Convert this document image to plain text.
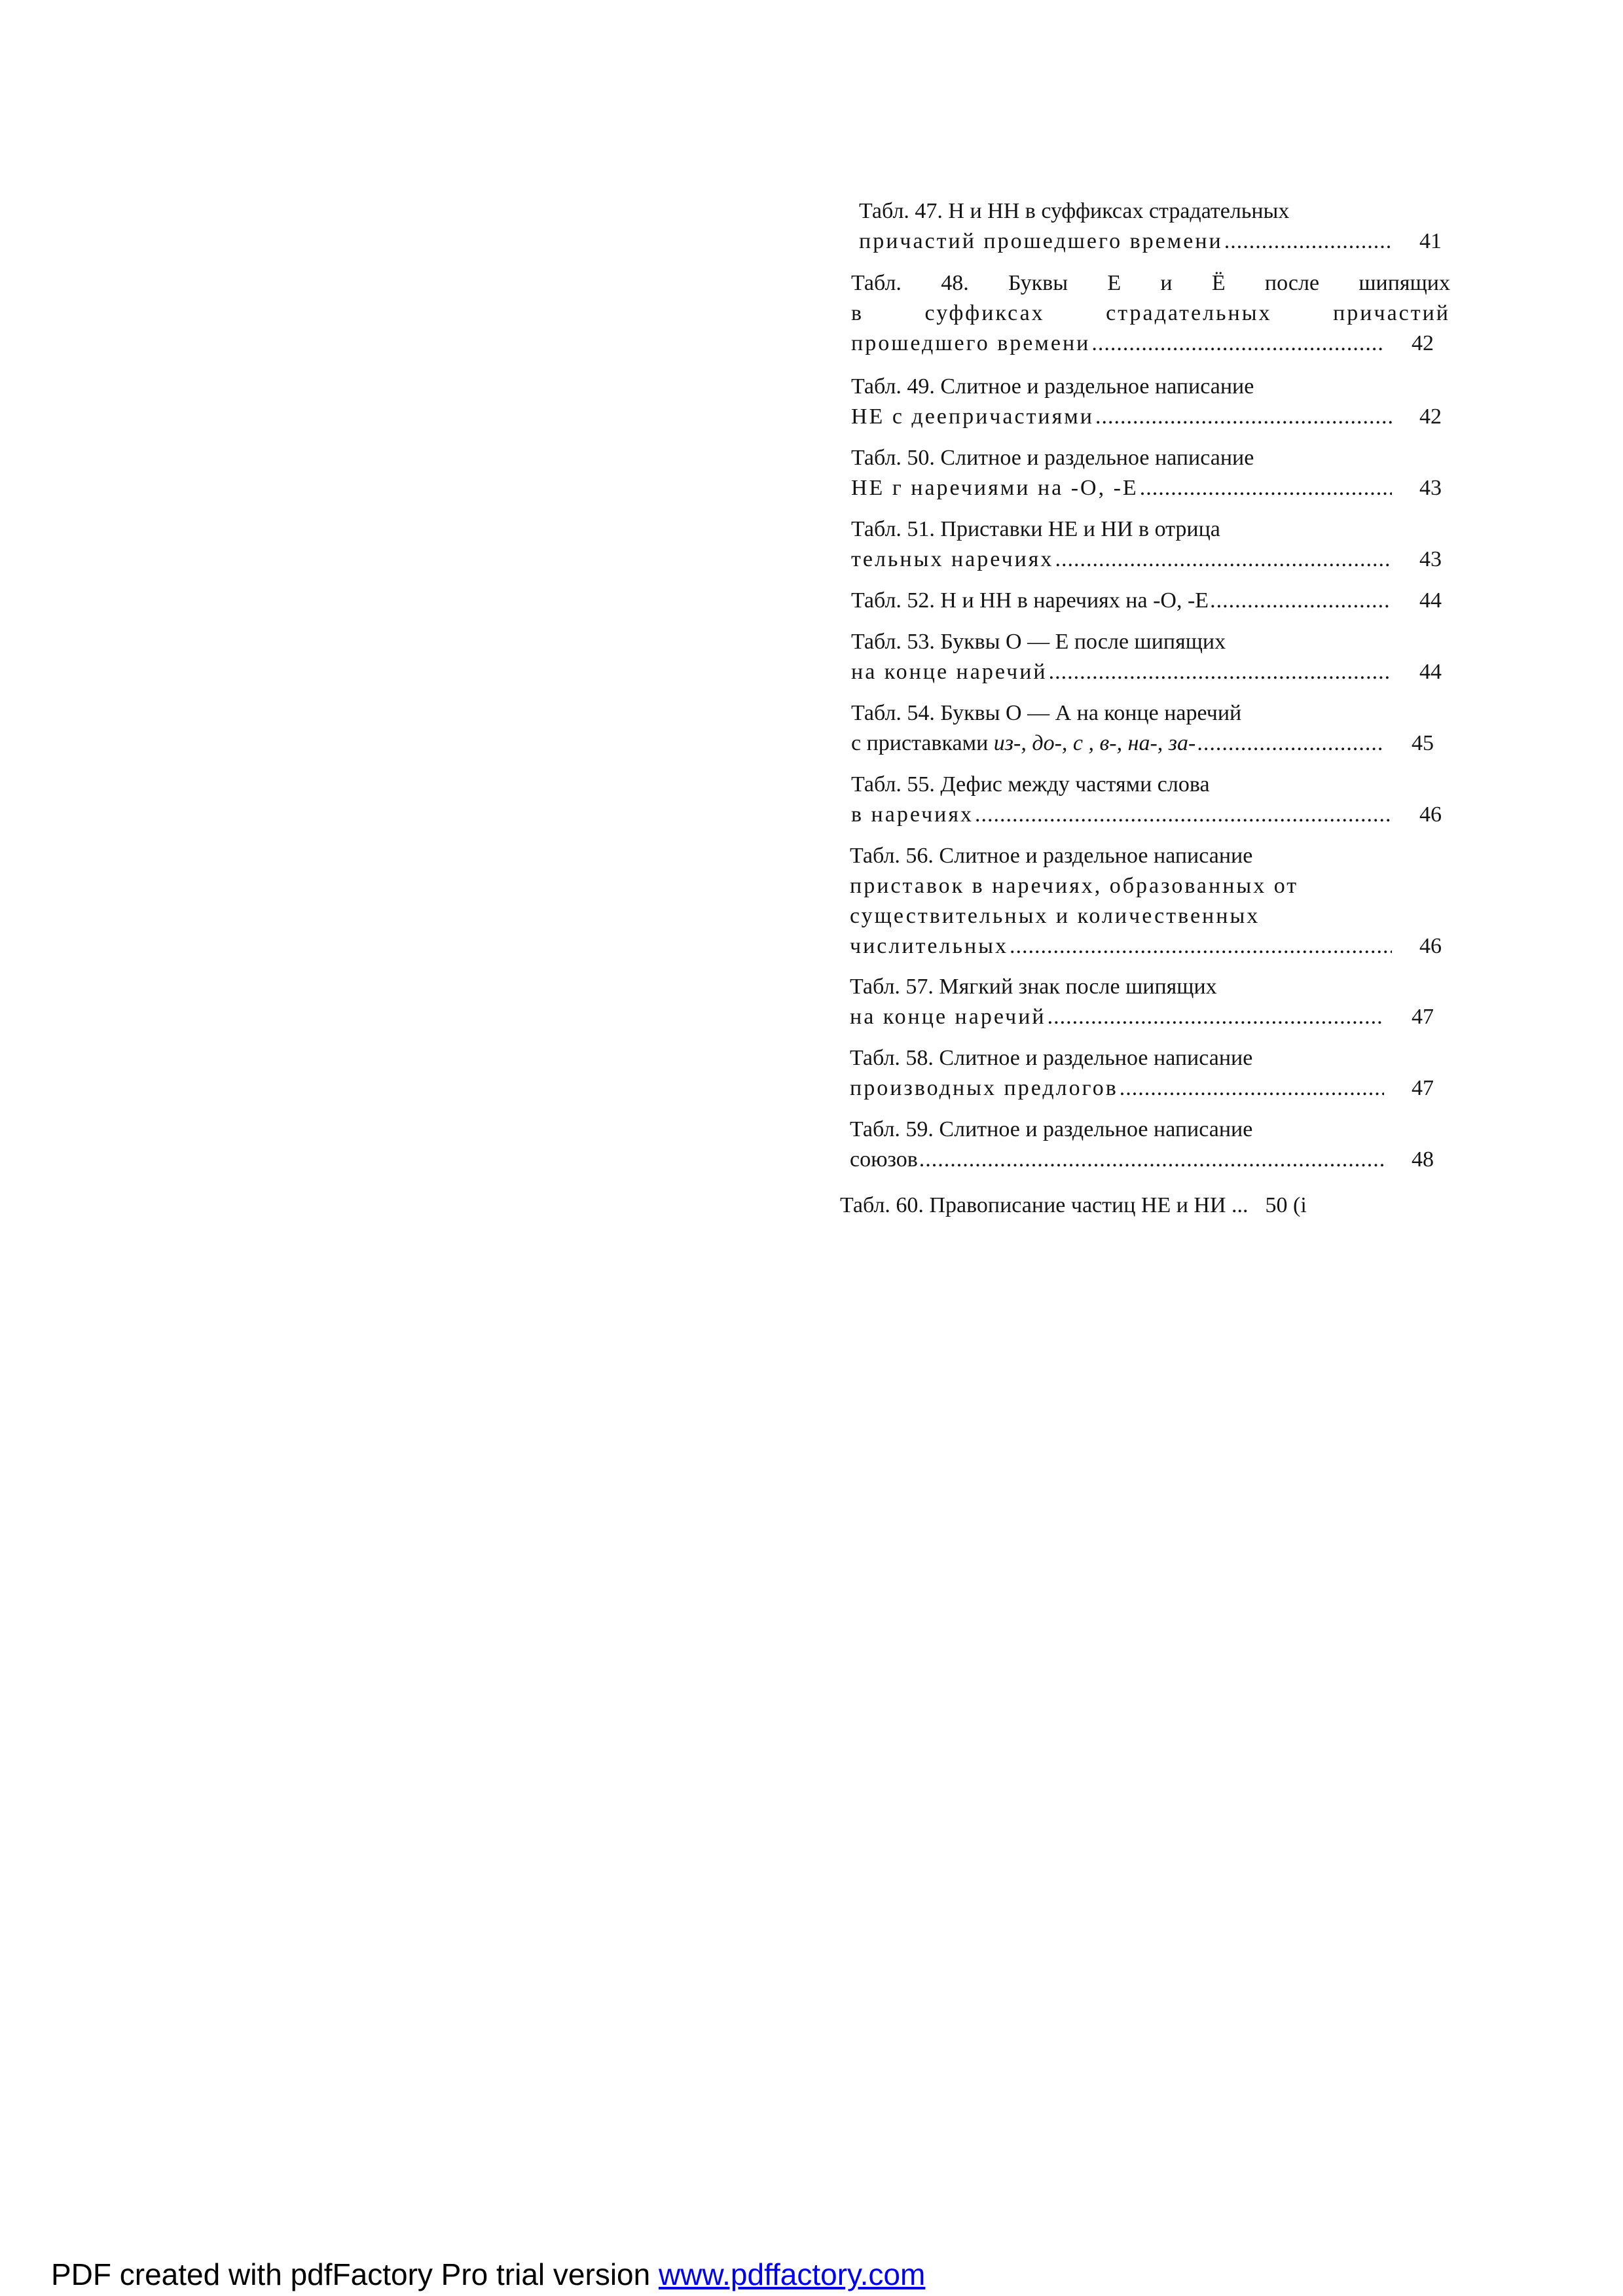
Табл. 47. Н и НН в суффиксах страдательных
причастий прошедшего времени .....	41
Табл. 48. Буквы Е и Ё после шипящих
в	суффиксах	страдательных	причастий
прошедшего времени .....	42
Табл. 49. Слитное и раздельное написание
НЕ с деепричастиями .....	42
Табл. 50. Слитное и раздельное написание
НЕ г наречиями на -О, -Е .....	43
Табл. 51. Приставки НЕ и НИ в отрица
тельных наречиях .....	43
Табл. 52. Н и НН в наречиях на -О, -Е .....	44
Табл. 53. Буквы О — Е после шипящих
на конце наречий .....	44
Табл. 54. Буквы О — А на конце наречий
с приставками из-, до-, с , в-, на-, за- .....	45
Табл. 55. Дефис между частями слова
в наречиях .....	46
Табл. 56. Слитное и раздельное написание
приставок в наречиях, образованных от
существительных и количественных
числительных .....	46
Табл. 57. Мягкий знак после шипящих
на конце наречий .....	47
Табл. 58. Слитное и раздельное написание
производных предлогов .....	47
Табл. 59. Слитное и раздельное написание
союзов .....	48
Табл. 60. Правописание частиц НЕ и НИ ... 50 (i
PDF created with pdfFactory Pro trial version www.pdffactory.com
